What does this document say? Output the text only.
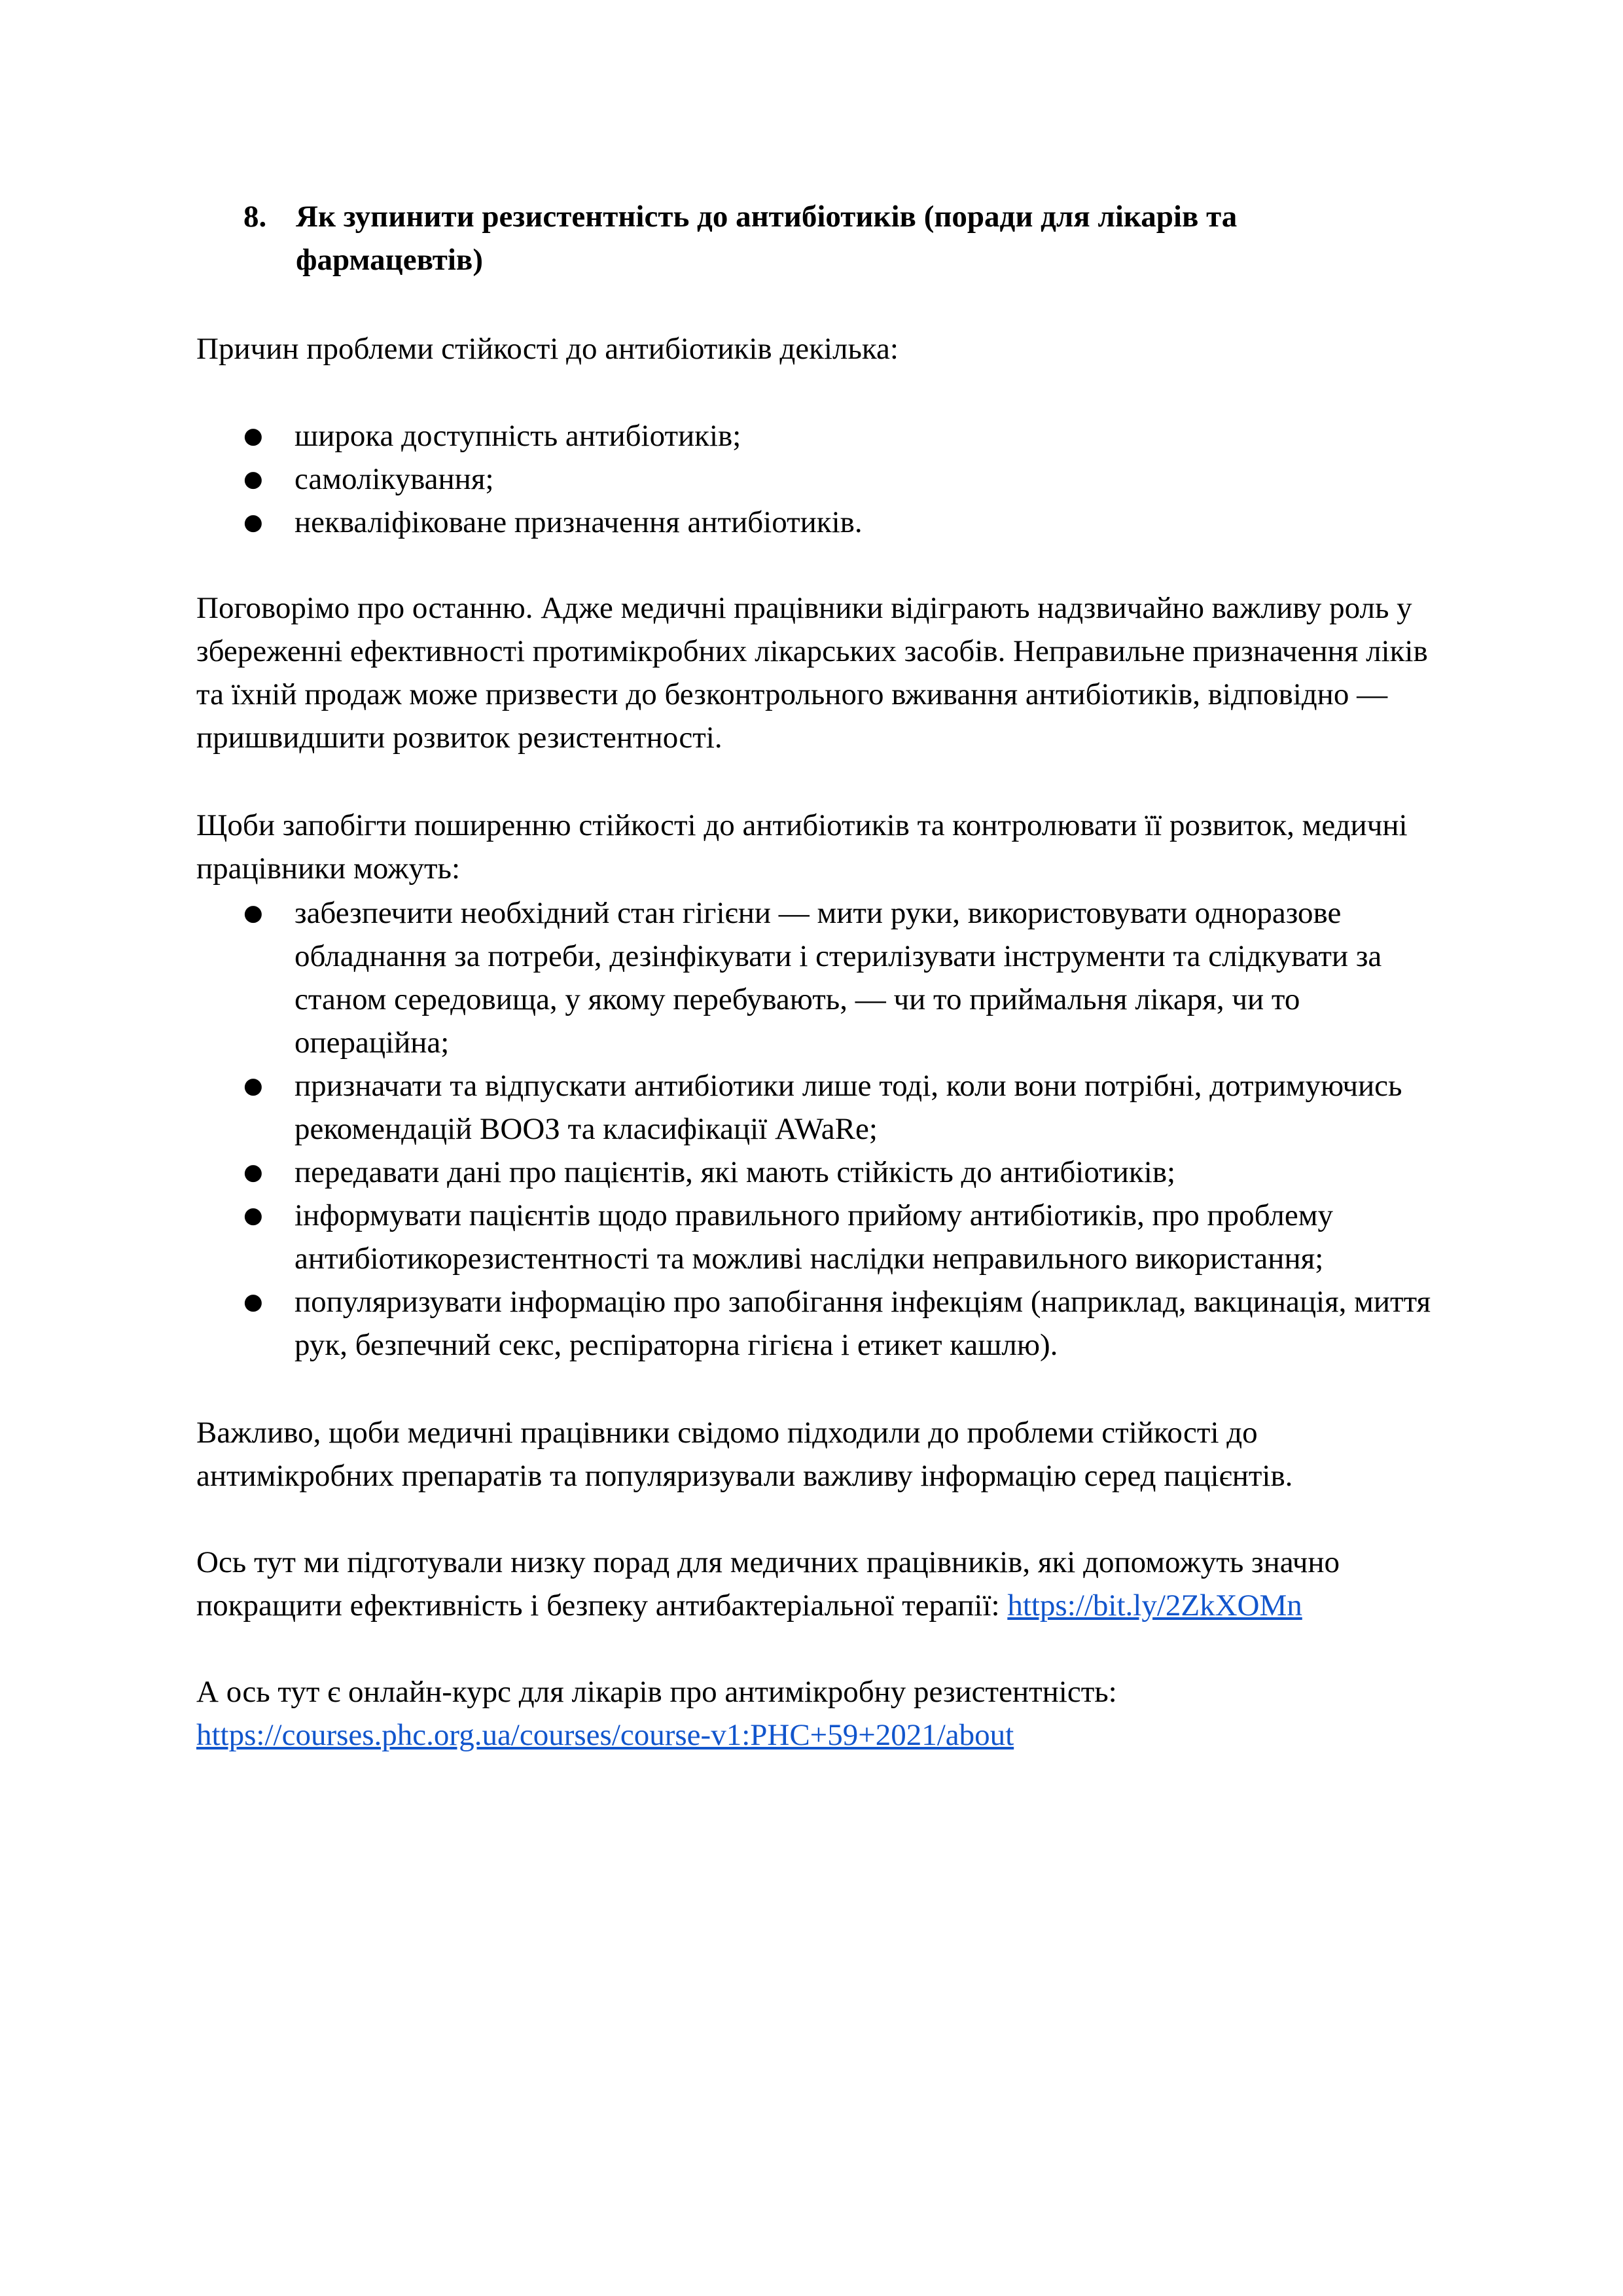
8. Як зупинити резистентність до антибіотиків (поради для лікарів та фармацевтів)
Причин проблеми стійкості до антибіотиків декілька:
● широка доступність антибіотиків;
● самолікування;
● некваліфіковане призначення антибіотиків.
Поговорімо про останню. Адже медичні працівники відіграють надзвичайно важливу роль у збереженні ефективності протимікробних лікарських засобів. Неправильне призначення ліків та їхній продаж може призвести до безконтрольного вживання антибіотиків, відповідно — пришвидшити розвиток резистентності.
Щоби запобігти поширенню стійкості до антибіотиків та контролювати її розвиток, медичні працівники можуть:
● забезпечити необхідний стан гігієни — мити руки, використовувати одноразове обладнання за потреби, дезінфікувати і стерилізувати інструменти та слідкувати за станом середовища, у якому перебувають, — чи то приймальня лікаря, чи то операційна;
● призначати та відпускати антибіотики лише тоді, коли вони потрібні, дотримуючись рекомендацій ВООЗ та класифікації AWaRe;
● передавати дані про пацієнтів, які мають стійкість до антибіотиків;
● інформувати пацієнтів щодо правильного прийому антибіотиків, про проблему антибіотикорезистентності та можливі наслідки неправильного використання;
● популяризувати інформацію про запобігання інфекціям (наприклад, вакцинація, миття рук, безпечний секс, респіраторна гігієна і етикет кашлю).
Важливо, щоби медичні працівники свідомо підходили до проблеми стійкості до антимікробних препаратів та популяризували важливу інформацію серед пацієнтів.
Ось тут ми підготували низку порад для медичних працівників, які допоможуть значно покращити ефективність і безпеку антибактеріальної терапії: https://bit.ly/2ZkXOMn
А ось тут є онлайн-курс для лікарів про антимікробну резистентність: https://courses.phc.org.ua/courses/course-v1:PHC+59+2021/about
